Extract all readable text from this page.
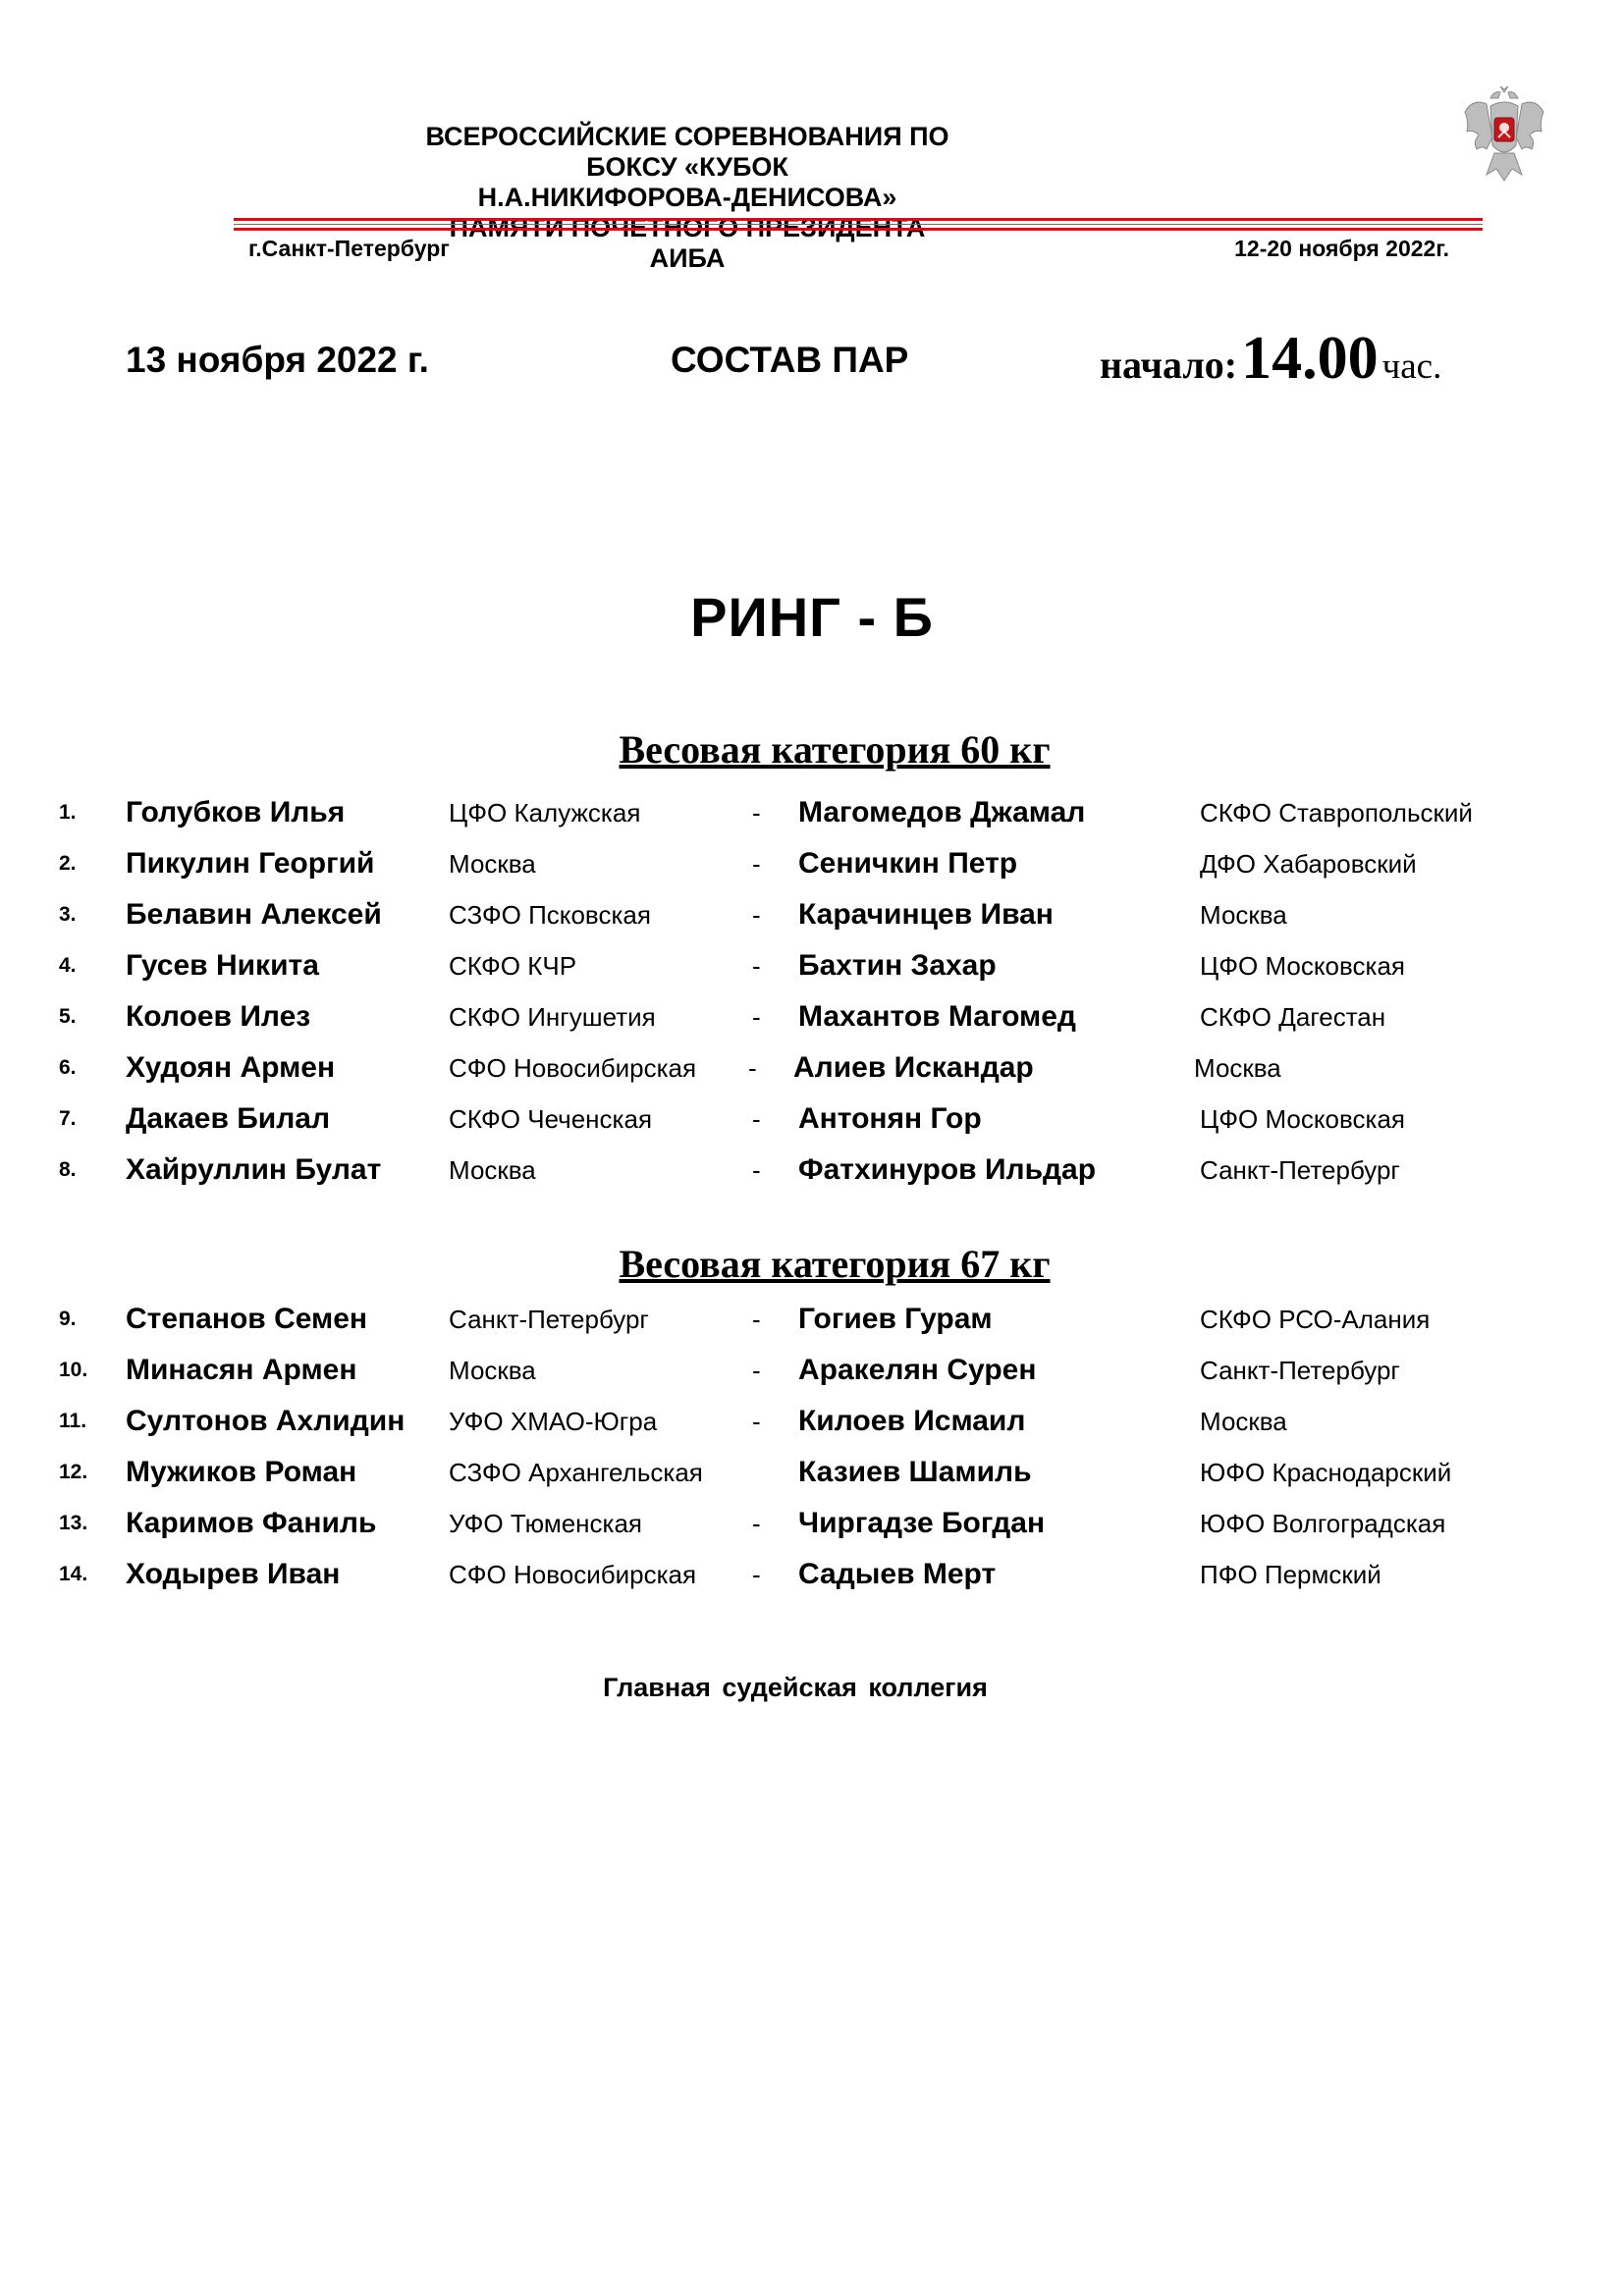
ВСЕРОССИЙСКИЕ СОРЕВНОВАНИЯ ПО БОКСУ «КУБОК
Н.А.НИКИФОРОВА-ДЕНИСОВА»
АИБА
г.Санкт-Петербург	12-20 ноября 2022г.
13 ноября 2022 г.	СОСТАВ ПАР	начало: 14.00 час.
РИНГ - Б
Весовая категория 60 кг
1. Голубков Илья	ЦФО Калужская	- Магомедов Джамал	СКФО Ставропольский
2. Пикулин Георгий	Москва	- Сеничкин Петр	ДФО Хабаровский
3. Белавин Алексей	СЗФО Псковская	- Карачинцев Иван	Москва
4. Гусев Никита	СКФО КЧР	- Бахтин Захар	ЦФО Московская
5. Колоев Илез	СКФО Ингушетия	- Махантов Магомед	СКФО Дагестан
6. Худоян Армен	СФО Новосибирская - Алиев Искандар	Москва
7. Дакаев Билал	СКФО Чеченская	- Антонян Гор	ЦФО Московская
8. Хайруллин Булат	Москва	- Фатхинуров Ильдар	Санкт-Петербург
Весовая категория 67 кг
9. Степанов Семен	Санкт-Петербург	- Гогиев Гурам	СКФО РСО-Алания
10. Минасян Армен	Москва	- Аракелян Сурен	Санкт-Петербург
11. Султонов Ахлидин УФО ХМАО-Югра	- Килоев Исмаил	Москва
12. Мужиков Роман	СЗФО Архангельская	Казиев Шамиль	ЮФО Краснодарский
13. Каримов Фаниль	УФО Тюменская	- Чиргадзе Богдан	ЮФО Волгоградская
14. Ходырев Иван	СФО Новосибирская - Садыев Мерт	ПФО Пермский
Главная судейская коллегия
